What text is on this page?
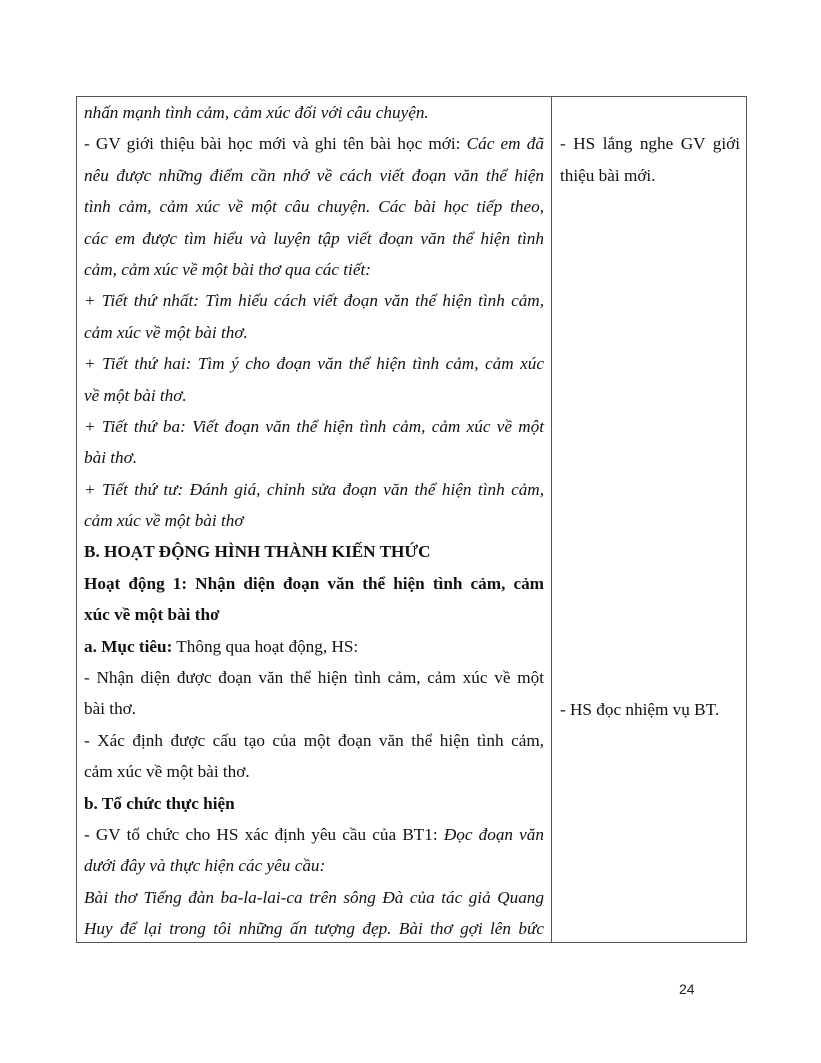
nhấn mạnh tình cảm, cảm xúc đối với câu chuyện.
- GV giới thiệu bài học mới và ghi tên bài học mới: Các em đã
nêu được những điểm cần nhớ về cách viết đoạn văn thể hiện
tình cảm, cảm xúc về một câu chuyện. Các bài học tiếp theo,
các em được tìm hiểu và luyện tập viết đoạn văn thể hiện tình
cảm, cảm xúc về một bài thơ qua các tiết:
+ Tiết thứ nhất: Tìm hiểu cách viết đoạn văn thể hiện tình cảm,
cảm xúc về một bài thơ.
+ Tiết thứ hai: Tìm ý cho đoạn văn thể hiện tình cảm, cảm xúc
về một bài thơ.
+ Tiết thứ ba: Viết đoạn văn thể hiện tình cảm, cảm xúc về một
bài thơ.
+ Tiết thứ tư: Đánh giá, chỉnh sửa đoạn văn thể hiện tình cảm,
cảm xúc về một bài thơ
B. HOẠT ĐỘNG HÌNH THÀNH KIẾN THỨC
Hoạt động 1: Nhận diện đoạn văn thể hiện tình cảm, cảm
xúc về một bài thơ
a. Mục tiêu: Thông qua hoạt động, HS:
- Nhận diện được đoạn văn thể hiện tình cảm, cảm xúc về một
bài thơ.
- Xác định được cấu tạo của một đoạn văn thể hiện tình cảm,
cảm xúc về một bài thơ.
b. Tổ chức thực hiện
- GV tổ chức cho HS xác định yêu cầu của BT1: Đọc đoạn văn
dưới đây và thực hiện các yêu cầu:
Bài thơ Tiếng đàn ba-la-lai-ca trên sông Đà của tác giả Quang
Huy để lại trong tôi những ấn tượng đẹp. Bài thơ gợi lên bức
- HS lắng nghe GV giới
thiệu bài mới.
- HS đọc nhiệm vụ BT.
24
